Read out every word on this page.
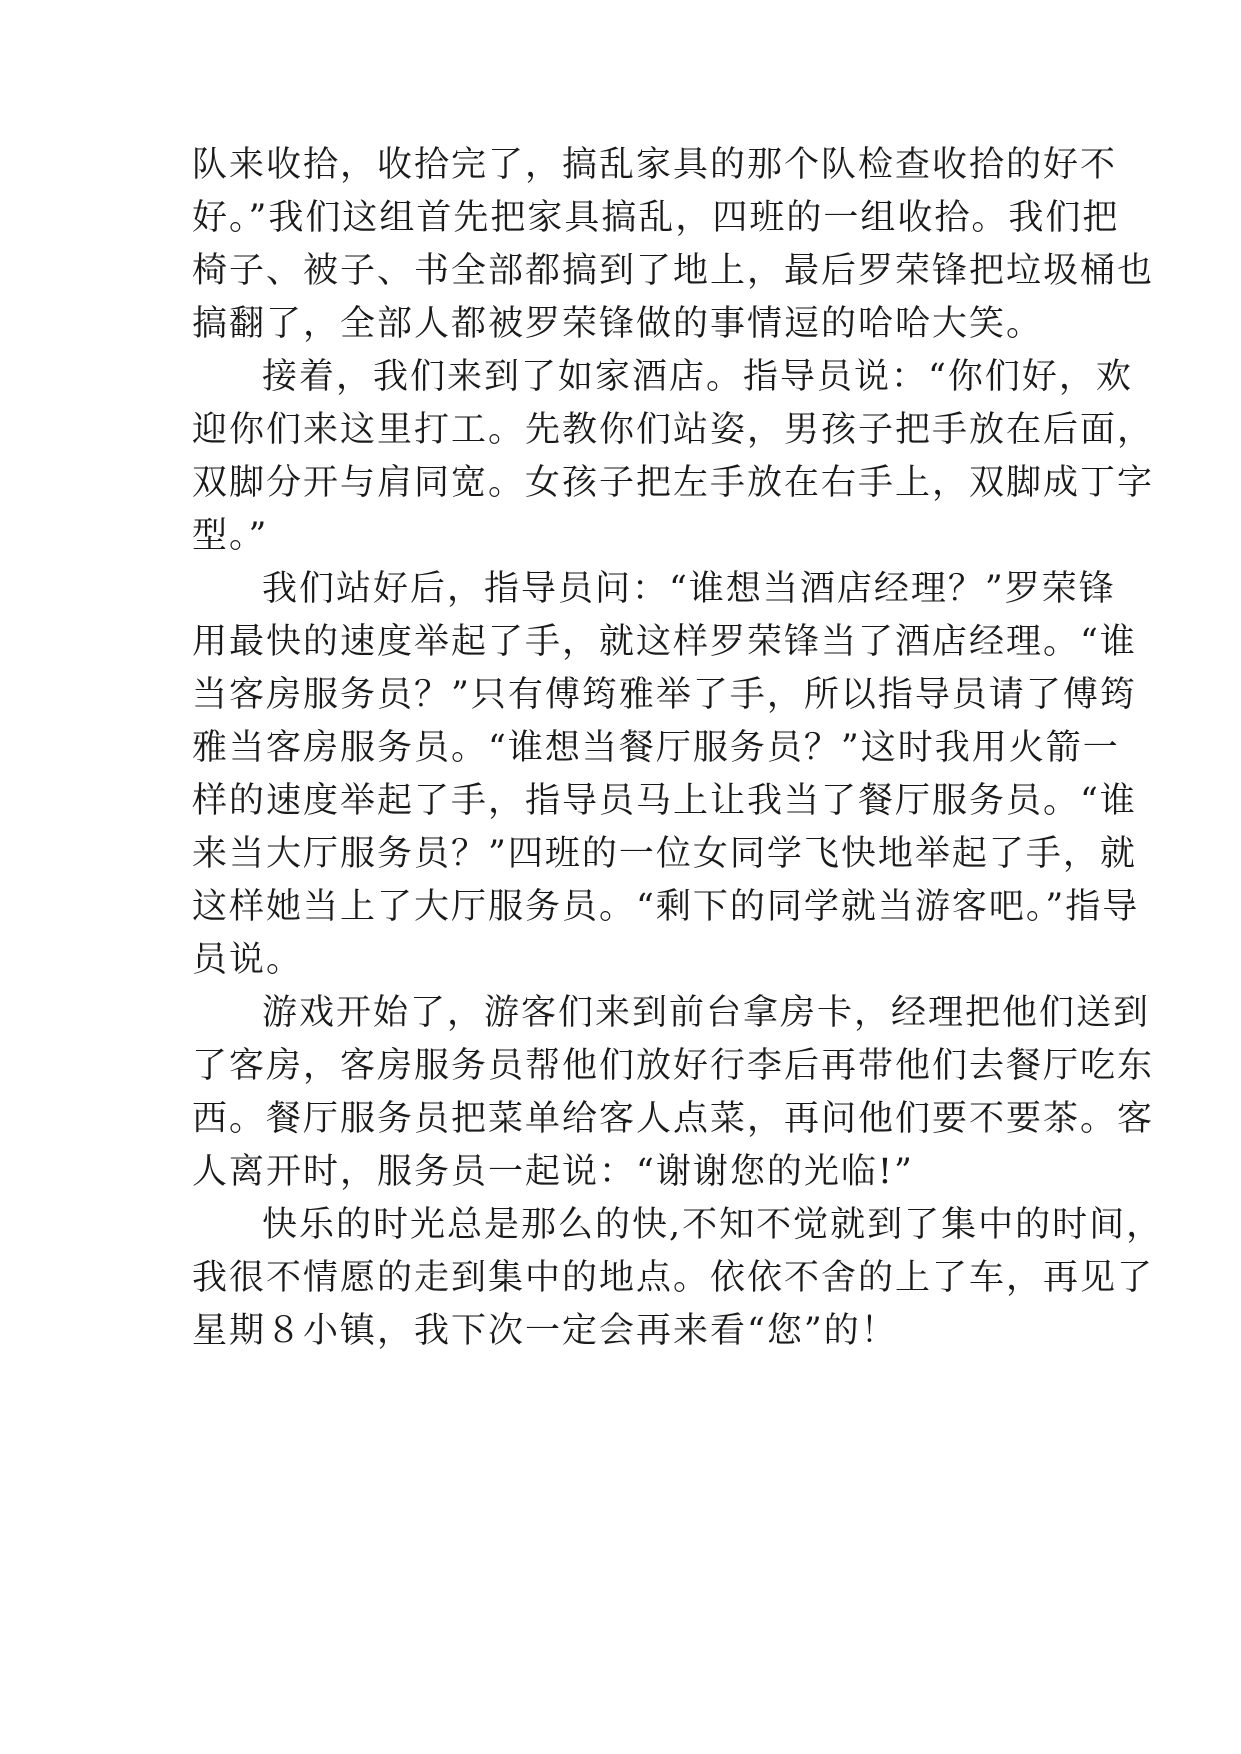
队来收拾，收拾完了，搞乱家具的那个队检查收拾的好不
好。”我们这组首先把家具搞乱，四班的一组收拾。我们把
椅子、被子、书全部都搞到了地上，最后罗荣锋把垃圾桶也
搞翻了，全部人都被罗荣锋做的事情逗的哈哈大笑。
接着，我们来到了如家酒店。指导员说：“你们好，欢
迎你们来这里打工。先教你们站姿，男孩子把手放在后面，
双脚分开与肩同宽。女孩子把左手放在右手上，双脚成丁字
型。”
我们站好后，指导员问：“谁想当酒店经理？”罗荣锋
用最快的速度举起了手，就这样罗荣锋当了酒店经理。“谁
当客房服务员？”只有傅筠雅举了手，所以指导员请了傅筠
雅当客房服务员。“谁想当餐厅服务员？”这时我用火箭一
样的速度举起了手，指导员马上让我当了餐厅服务员。“谁
来当大厅服务员？”四班的一位女同学飞快地举起了手，就
这样她当上了大厅服务员。“剩下的同学就当游客吧。”指导
员说。
游戏开始了，游客们来到前台拿房卡，经理把他们送到
了客房，客房服务员帮他们放好行李后再带他们去餐厅吃东
西。餐厅服务员把菜单给客人点菜，再问他们要不要茶。客
人离开时，服务员一起说：“谢谢您的光临!”
快乐的时光总是那么的快,不知不觉就到了集中的时间，
我很不情愿的走到集中的地点。依依不舍的上了车，再见了
星期８小镇，我下次一定会再来看“您”的！
